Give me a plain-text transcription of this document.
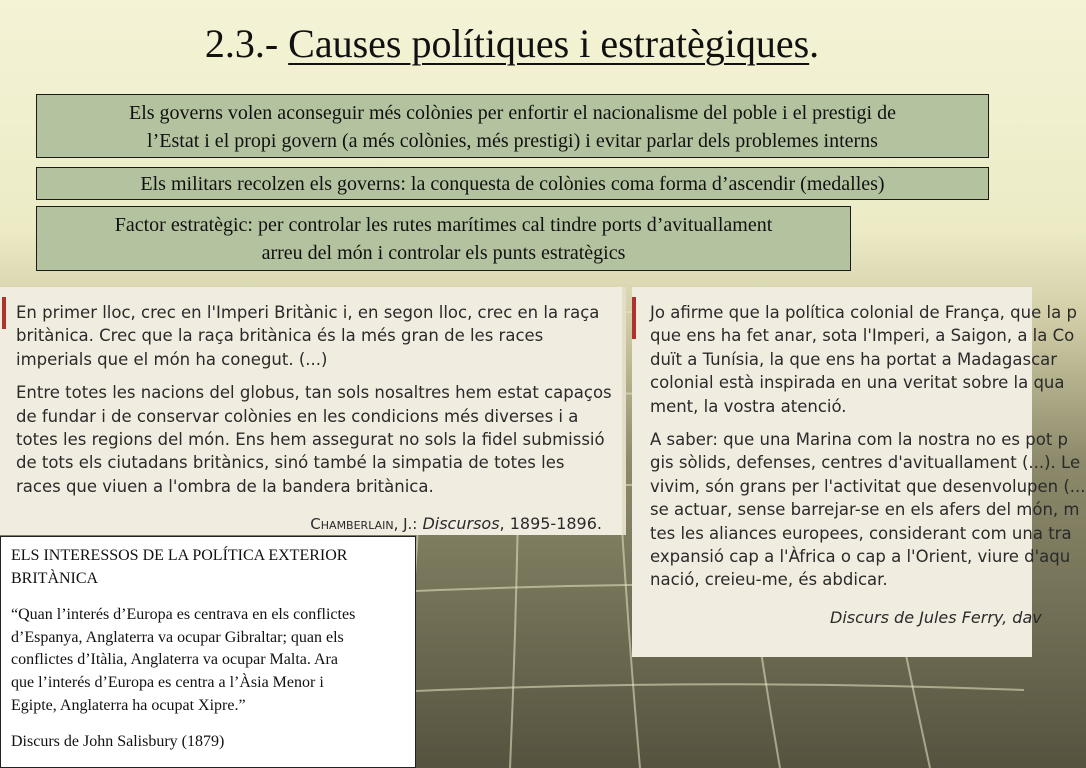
2.3.- Causes polítiques i estratègiques.
Els governs volen aconseguir més colònies per enfortir el nacionalisme del poble i el prestigi de
l’Estat i el propi govern (a més colònies, més prestigi) i evitar parlar dels problemes interns
Els militars recolzen els governs: la conquesta de colònies coma forma d’ascendir (medalles)
Factor estratègic: per controlar les rutes marítimes cal tindre ports d’avituallament
arreu del món i controlar els punts estratègics

En primer lloc, crec en l'Imperi Britànic i, en segon lloc, crec en la raça britànica. Crec que la raça britànica és la més gran de les races imperials que el món ha conegut. (...)

Entre totes les nacions del globus, tan sols nosaltres hem estat capaços de fundar i de conservar colònies en les condicions més diverses i a totes les regions del món. Ens hem assegurat no sols la fidel submissió de tots els ciutadans britànics, sinó també la simpatia de totes les races que viuen a l'ombra de la bandera britànica.

Chamberlain, J.: Discursos, 1895-1896.
Jo afirme que la política colonial de França, que la p
que ens ha fet anar, sota l'Imperi, a Saigon, a la Co
duït a Tunísia, la que ens ha portat a Madagascar
colonial està inspirada en una veritat sobre la qua
ment, la vostra atenció.
A saber: que una Marina com la nostra no es pot p
gis sòlids, defenses, centres d'avituallament (...). Le
vivim, són grans per l'activitat que desenvolupen (...
se actuar, sense barrejar-se en els afers del món, m
tes les aliances europees, considerant com una tra
expansió cap a l'Àfrica o cap a l'Orient, viure d'aqu
nació, creieu-me, és abdicar.
Discurs de Jules Ferry, dav

ELS INTERESSOS DE LA POLÍTICA EXTERIOR

BRITÀNICA

“Quan l’interés d’Europa es centrava en els conflictes

d’Espanya, Anglaterra va ocupar Gibraltar; quan els

conflictes d’Itàlia, Anglaterra va ocupar Malta. Ara

que l’interés d’Europa es centra a l’Àsia Menor i

Egipte, Anglaterra ha ocupat Xipre.”

Discurs de John Salisbury (1879)
